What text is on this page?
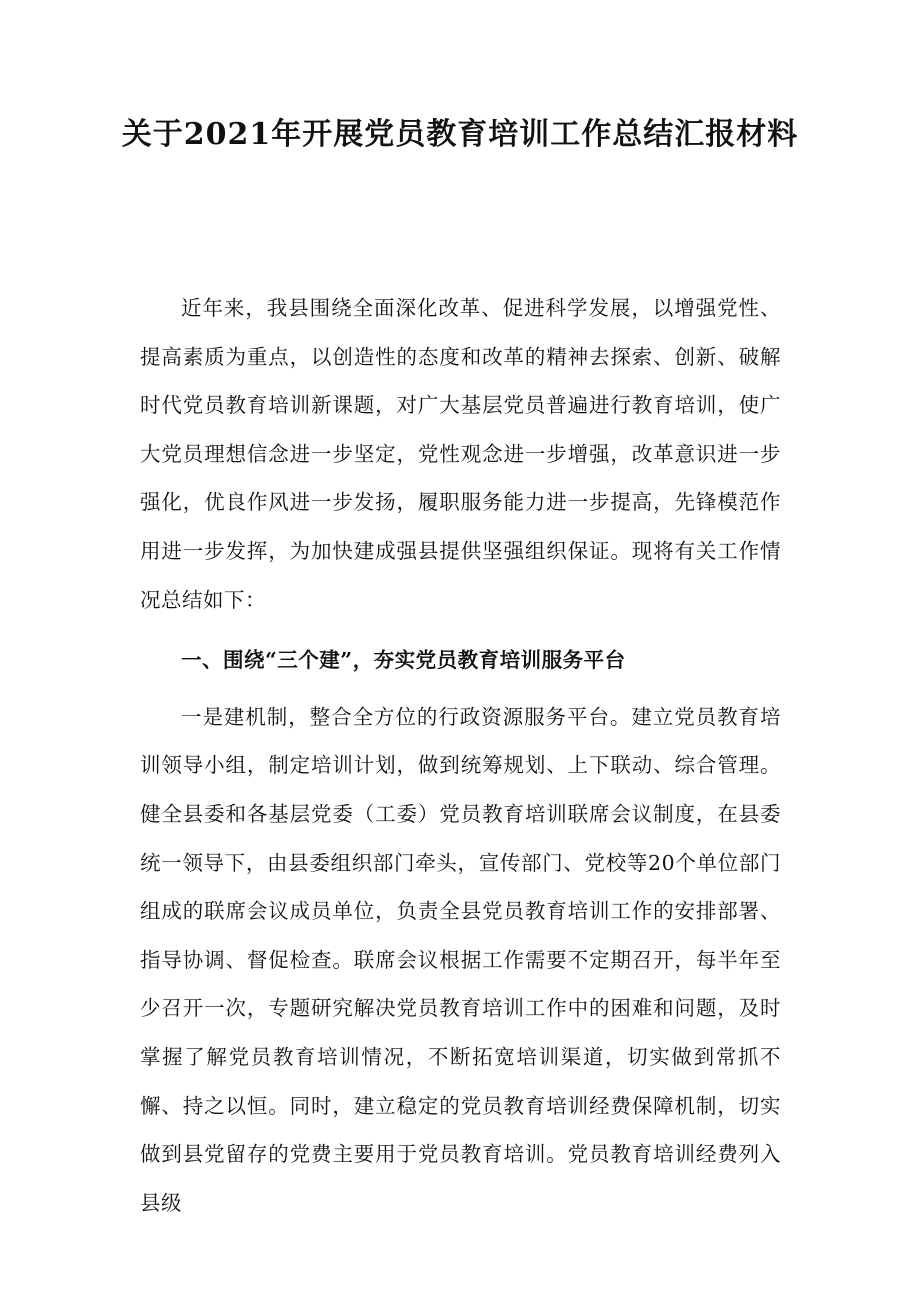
关于2021年开展党员教育培训工作总结汇报材料

近年来，我县围绕全面深化改革、促进科学发展，以增强党性、提高素质为重点，以创造性的态度和改革的精神去探索、创新、破解时代党员教育培训新课题，对广大基层党员普遍进行教育培训，使广大党员理想信念进一步坚定，党性观念进一步增强，改革意识进一步强化，优良作风进一步发扬，履职服务能力进一步提高，先锋模范作用进一步发挥，为加快建成强县提供坚强组织保证。现将有关工作情况总结如下：

一、围绕“三个建”，夯实党员教育培训服务平台

一是建机制，整合全方位的行政资源服务平台。建立党员教育培训领导小组，制定培训计划，做到统筹规划、上下联动、综合管理。健全县委和各基层党委（工委）党员教育培训联席会议制度，在县委统一领导下，由县委组织部门牵头，宣传部门、党校等20个单位部门组成的联席会议成员单位，负责全县党员教育培训工作的安排部署、指导协调、督促检查。联席会议根据工作需要不定期召开，每半年至少召开一次，专题研究解决党员教育培训工作中的困难和问题，及时掌握了解党员教育培训情况，不断拓宽培训渠道，切实做到常抓不懈、持之以恒。同时，建立稳定的党员教育培训经费保障机制，切实做到县党留存的党费主要用于党员教育培训。党员教育培训经费列入县级
